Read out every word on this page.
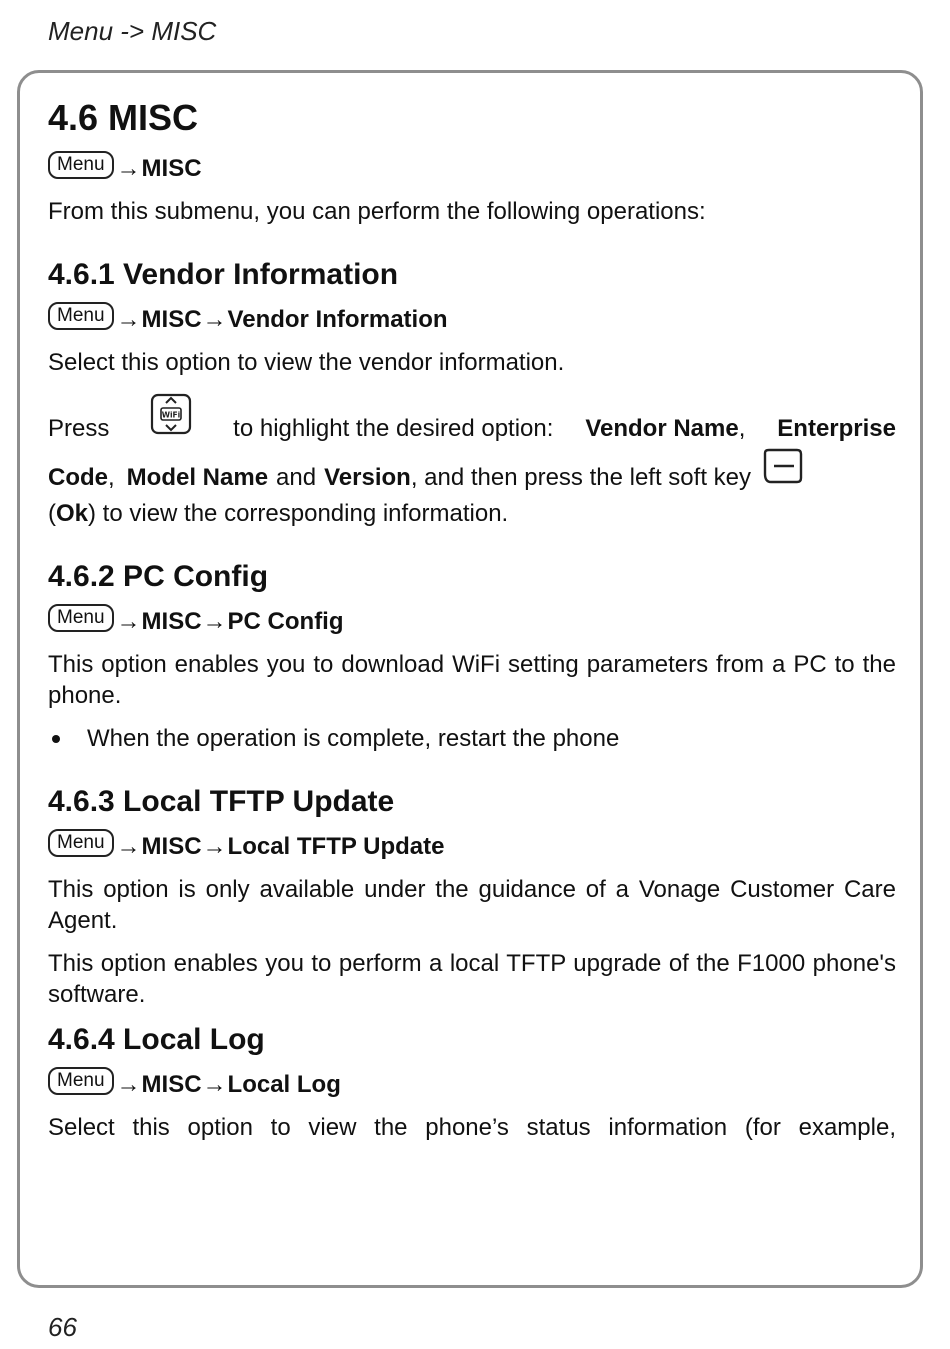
Menu -> MISC
4.6 MISC
Menu → MISC

From this submenu, you can perform the following operations:

4.6.1 Vendor Information
Menu → MISC → Vendor Information

Select this option to view the vendor information.

Press	WiFi to highlight the desired option: Vendor Name, Enterprise
Code, Model Name and Version , and then press the left soft key

(Ok) to view the corresponding information.

4.6.2 PC Config
Menu → MISC → PC Config

This option enables you to download WiFi setting parameters from a PC to the phone.

When the operation is complete, restart the phone
4.6.3 Local TFTP Update
Menu → MISC → Local TFTP Update

This option is only available under the guidance of a Vonage Customer Care Agent.

This option enables you to perform a local TFTP upgrade of the F1000 phone's software.

4.6.4 Local Log
Menu → MISC → Local Log

Select this option to view the phone’s status information (for example,

66
